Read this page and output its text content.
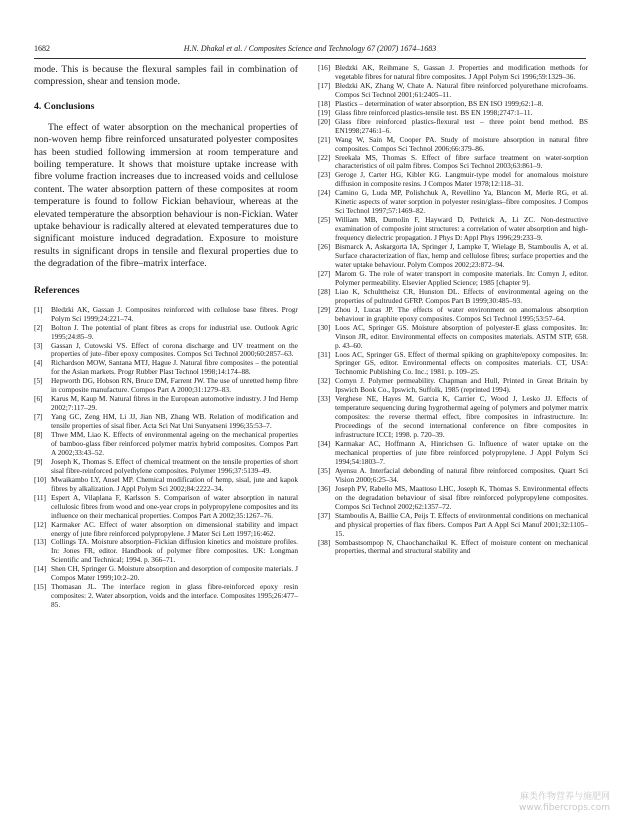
1682	H.N. Dhakal et al. / Composites Science and Technology 67 (2007) 1674–1683

mode. This is because the flexural samples fail in combination of compression, shear and tension mode.

4. Conclusions

The effect of water absorption on the mechanical properties of non-woven hemp fibre reinforced unsaturated polyester composites has been studied following immersion at room temperature and boiling temperature. It shows that moisture uptake increase with fibre volume fraction increases due to increased voids and cellulose content. The water absorption pattern of these composites at room temperature is found to follow Fickian behaviour, whereas at the elevated temperature the absorption behaviour is non-Fickian. Water uptake behaviour is radically altered at elevated temperatures due to significant moisture induced degradation. Exposure to moisture results in significant drops in tensile and flexural properties due to the degradation of the fibre–matrix interface.

References
[1] Bledzki AK, Gassan J. Composites reinforced with cellulose base fibres. Progr Polym Sci 1999;24:221–74.
[2] Bolton J. The potential of plant fibres as crops for industrial use. Outlook Agric 1995;24:85–9.
[3] Gassan J, Cutowski VS. Effect of corona discharge and UV treatment on the properties of jute–fiber epoxy composites. Compos Sci Technol 2000;60:2857–63.
[4] Richardson MOW, Santana MTJ, Hague J. Natural fibre composites – the potential for the Asian markets. Progr Rubber Plast Technol 1998;14:174–88.
[5] Hepworth DG, Hobson RN, Bruce DM, Farrent JW. The use of unretted hemp fibre in composite manufacture. Compos Part A 2000;31:1279–83.
[6] Karus M, Kaup M. Natural fibres in the European automotive industry. J Ind Hemp 2002;7:117–29.
[7] Yang GC, Zeng HM, Li JJ, Jian NB, Zhang WB. Relation of modification and tensile properties of sisal fiber. Acta Sci Nat Uni Sunyatseni 1996;35:53–7.
[8] Thwe MM, Liao K. Effects of environmental ageing on the mechanical properties of bamboo-glass fiber reinforced polymer matrix hybrid composites. Compos Part A 2002;33:43–52.
[9] Joseph K, Thomas S. Effect of chemical treatment on the tensile properties of short sisal fibre-reinforced polyethylene composites. Polymer 1996;37:5139–49.
[10] Mwaikambo LY, Ansel MP. Chemical modification of hemp, sisal, jute and kapok fibres by alkalization. J Appl Polym Sci 2002;84:2222–34.
[11] Espert A, Vilaplana F, Karlsson S. Comparison of water absorption in natural cellulosic fibres from wood and one-year crops in polypropylene composites and its influence on their mechanical properties. Compos Part A 2002;35:1267–76.
[12] Karmaker AC. Effect of water absorption on dimensional stability and impact energy of jute fibre reinforced polypropylene. J Mater Sci Lett 1997;16:462.
[13] Collings TA. Moisture absorption–Fickian diffusion kinetics and moisture profiles. In: Jones FR, editor. Handbook of polymer fibre composites. UK: Longman Scientific and Technical; 1994. p. 366–71.
[14] Shen CH, Springer G. Moisture absorption and desorption of composite materials. J Compos Mater 1999;10:2–20.
[15] Thomasan JL. The interface region in glass fibre-reinforced epoxy resin composites: 2. Water absorption, voids and the interface. Composites 1995;26:477–85.
[16] Bledzki AK, Reihmane S, Gassan J. Properties and modification methods for vegetable fibres for natural fibre composites. J Appl Polym Sci 1996;59:1329–36.
[17] Bledzki AK, Zhang W, Chate A. Natural fibre reinforced polyurethane microfoams. Compos Sci Technol 2001;61:2405–11.
[18] Plastics – determination of water absorption, BS EN ISO 1999;62:1–8.
[19] Glass fibre reinforced plastics-tensile test. BS EN 1998;2747:1–11.
[20] Glass fibre reinforced plastics-flexural test – three point bend method. BS EN1998;2746:1–6.
[21] Wang W, Sain M, Cooper PA. Study of moisture absorption in natural fibre composites. Compos Sci Technol 2006;66:379–86.
[22] Sreekala MS, Thomas S. Effect of fibre surface treatment on water-sorption characteristics of oil palm fibres. Compos Sci Technol 2003;63:861–9.
[23] Geroge J, Carter HG, Kibler KG. Langmuir-type model for anomalous moisture diffusion in composite resins. J Compos Mater 1978;12:118–31.
[24] Camino G, Luda MP, Polishchuk A, Revellino Ya, Blancon M, Merle RG, et al. Kinetic aspects of water sorption in polyester resin/glass–fibre composites. J Compos Sci Technol 1997;57:1469–82.
[25] William MB, Dumolin F, Hayward D, Pethrick A, Li ZC. Non-destructive examination of composite joint structures: a correlation of water absorption and high-frequency dielectric propagation. J Phys D: Appl Phys 1996;29:233–9.
[26] Bismarck A, Askargorta IA, Springer J, Lampke T, Wielage B, Stamboulis A, et al. Surface characterization of flax, hemp and cellulose fibres; surface properties and the water uptake behaviour. Polym Compos 2002;23:872–94.
[27] Marom G. The role of water transport in composite materials. In: Comyn J, editor. Polymer permeability. Elsevier Applied Science; 1985 [chapter 9].
[28] Liao K, Schulttheisz CR, Hunston DL. Effects of environmental ageing on the properties of pultruded GFRP. Compos Part B 1999;30:485–93.
[29] Zhou J, Lucas JP. The effects of water environment on anomalous absorption behaviour in graphite epoxy composites. Compos Sci Technol 1995;53:57–64.
[30] Loos AC, Springer GS. Moisture absorption of polyester-E glass composites. In: Vinson JR, editor. Environmental effects on composites materials. ASTM STP, 658. p. 43–60.
[31] Loos AC, Springer GS. Effect of thermal spiking on graphite/epoxy composites. In: Springer GS, editor. Environmental effects on composites materials. CT, USA: Technomic Publishing Co. Inc.; 1981. p. 109–25.
[32] Comyn J. Polymer permeability. Chapman and Hull, Printed in Great Britain by Ipswich Book Co., Ipswich, Suffolk, 1985 (reprinted 1994).
[33] Verghese NE, Hayes M, Garcia K, Carrier C, Wood J, Lesko JJ. Effects of temperature sequencing during hygrothermal ageing of polymers and polymer matrix composites: the reverse thermal effect, fibre composites in infrastructure. In: Proceedings of the second international conference on fibre composites in infrastructure ICCI; 1998. p. 720–39.
[34] Karmakar AC, Hoffmann A, Hinrichsen G. Influence of water uptake on the mechanical properties of jute fibre reinforced polypropylene. J Appl Polym Sci 1994;54:1803–7.
[35] Ayensu A. Interfacial debonding of natural fibre reinforced composites. Quart Sci Vision 2000;6:25–34.
[36] Joseph PV, Rabello MS, Maattoso LHC, Joseph K, Thomas S. Environmental effects on the degradation behaviour of sisal fibre reinforced polypropylene composites. Compos Sci Technol 2002;62:1357–72.
[37] Stamboulis A, Baillie CA, Peijs T. Effects of environmental conditions on mechanical and physical properties of flax fibers. Compos Part A Appl Sci Manuf 2001;32:1105–15.
[38] Sombastsompop N, Chaochanchaikul K. Effect of moisture content on mechanical properties, thermal and structural stability and
麻类作物营养与施肥网
www.fibercrops.com
